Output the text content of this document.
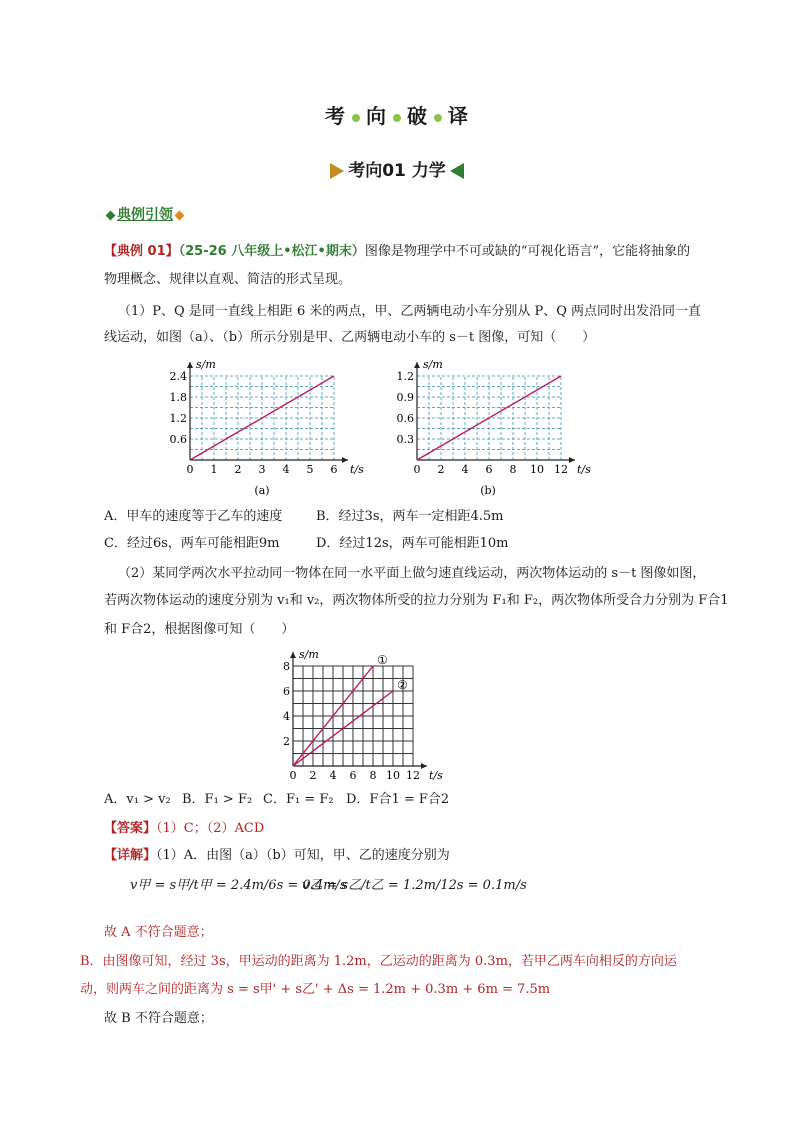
考 向 破 译
考向01 力学
典例引领
【典例 01】（25-26 八年级上•松江•期末）图像是物理学中不可或缺的“可视化语言”，它能将抽象的
物理概念、规律以直观、简洁的形式呈现。
（1）P、Q 是同一直线上相距 6 米的两点，甲、乙两辆电动小车分别从 P、Q 两点同时出发沿同一直
线运动，如图（a）、（b）所示分别是甲、乙两辆电动小车的 s－t 图像，可知（　　）
0 1 2 3 4 5 6
0.6
1.2
1.8
2.4
t/s
s/m
(a)
0 2 4 6 8 10 12
0.3
0.6
0.9
1.2
t/s
s/m
(b)
A．甲车的速度等于乙车的速度	B．经过3s，两车一定相距4.5m
C．经过6s，两车可能相距9m	D．经过12s，两车可能相距10m
（2）某同学两次水平拉动同一物体在同一水平面上做匀速直线运动，两次物体运动的 s－t 图像如图，
若两次物体运动的速度分别为 v₁和 v₂，两次物体所受的拉力分别为 F₁和 F₂，两次物体所受合力分别为 F合1
和 F合2，根据图像可知（　　）
0 2 4 6 8 10 12
2
4
6
8
t/s
s/m	①
②
A．v₁ > v₂ B．F₁ > F₂ C．F₁ = F₂ D．F合1 = F合2
【答案】（1）C；（2）ACD
【详解】（1）A．由图（a）（b）可知，甲、乙的速度分别为
v甲 = s甲/t甲 = 2.4m/6s = 0.4m/s
v乙 = s乙/t乙 = 1.2m/12s = 0.1m/s
故 A 不符合题意；
B．由图像可知，经过 3s，甲运动的距离为 1.2m，乙运动的距离为 0.3m，若甲乙两车向相反的方向运
动，则两车之间的距离为 s = s甲' + s乙' + Δs = 1.2m + 0.3m + 6m = 7.5m
故 B 不符合题意；
